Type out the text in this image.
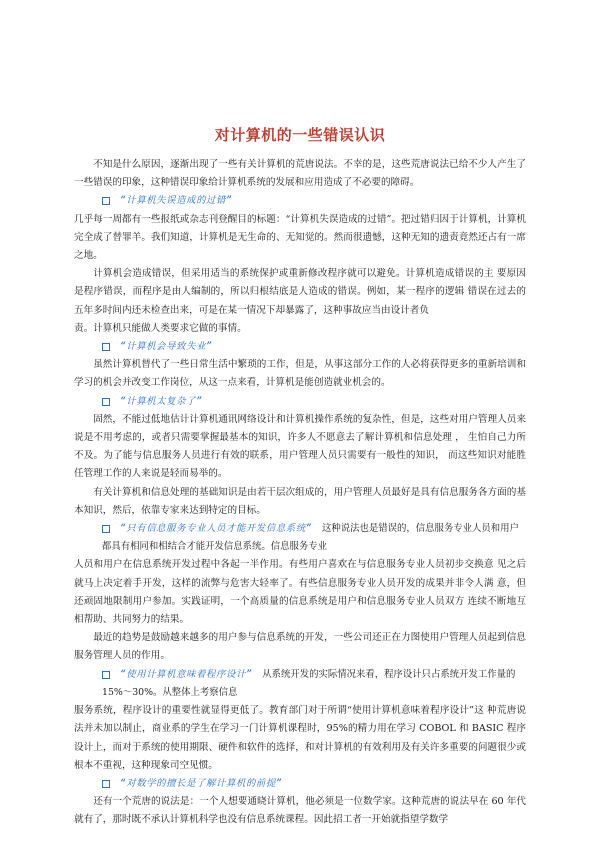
对计算机的一些错误认识

不知是什么原因，逐渐出现了一些有关计算机的荒唐说法。不幸的是，这些荒唐说法已给不少人产生了一些错误的印象，这种错误印象给计算机系统的发展和应用造成了不必要的障碍。

“计算机失误造成的过错”

几乎每一周都有一些报纸或杂志刊登醒目的标题：“计算机失误造成的过错”。把过错归因于计算机，计算机完全成了替罪羊。我们知道，计算机是无生命的、无知觉的。然而很遗憾，这种无知的遗责竟然还占有一席之地。

计算机会造成错误，但采用适当的系统保护或重新修改程序就可以避免。计算机造成错误的主 要原因是程序错误，而程序是由人编制的，所以归根结底是人造成的错误。例如，某一程序的逻辑 错误在过去的五年多时间内还未检查出来，可是在某一情况下却暴露了，这种事故应当由设计者负

责。计算机只能做人类要求它做的事情。

“计算机会导致失业”

虽然计算机替代了一些日常生活中繁琐的工作，但是，从事这部分工作的人必将获得更多的重新培训和学习的机会并改变工作岗位，从这一点来看，计算机是能创造就业机会的。

“计算机太复杂了”

固然，不能过低地估计计算机通讯网络设计和计算机操作系统的复杂性，但是，这些对用户管理人员来说是不用考虑的，或者只需要掌握最基本的知识，许多人不愿意去了解计算机和信息处理 ， 生怕自己力所不及。为了能与信息服务人员进行有效的联系，用户管理人员只需要有一般性的知识， 而这些知识对能胜任管理工作的人来说是轻而易举的。

有关计算机和信息处理的基础知识是由若干层次组成的，用户管理人员最好是具有信息服务各方面的基本知识，然后，依靠专家来达到特定的目标。

“只有信息服务专业人员才能开发信息系统” 这种说法也是错误的，信息服务专业人员和用户都具有相同和相结合才能开发信息系统。信息服务专业

人员和用户在信息系统开发过程中各起一半作用。有些用户喜欢在与信息服务专业人员初步交换意 见之后就马上决定着手开发，这样的流弊与危害大轻率了。有些信息服务专业人员开发的成果并非令人满 意，但还顽固地限制用户参加。实践证明，一个高质量的信息系统是用户和信息服务专业人员双方 连续不断地互相帮助、共同努力的结果。

最近的趋势是鼓励越来越多的用户参与信息系统的开发，一些公司还正在力图使用户管理人员起到信息服务管理人员的作用。

“使用计算机意味着程序设计” 从系统开发的实际情况来看，程序设计只占系统开发工作量的 15%～30%。从整体上考察信息

服务系统，程序设计的重要性就显得更低了。教育部门对于所谓“使用计算机意味着程序设计”这 种荒唐说法并未加以制止，商业系的学生在学习一门计算机课程时，95%的精力用在学习 COBOL 和 BASIC 程序设计上，而对于系统的使用期限、硬件和软件的选择，和对计算机的有效利用及有关许多重要的问题很少或根本不重视，这种现象司空见惯。

“对数学的擅长是了解计算机的前提”

还有一个荒唐的说法是：一个人想要通晓计算机，他必须是一位数学家。这种荒唐的说法早在 60 年代就有了，那时既不承认计算机科学也没有信息系统课程。因此招工者一开始就指望学数学
